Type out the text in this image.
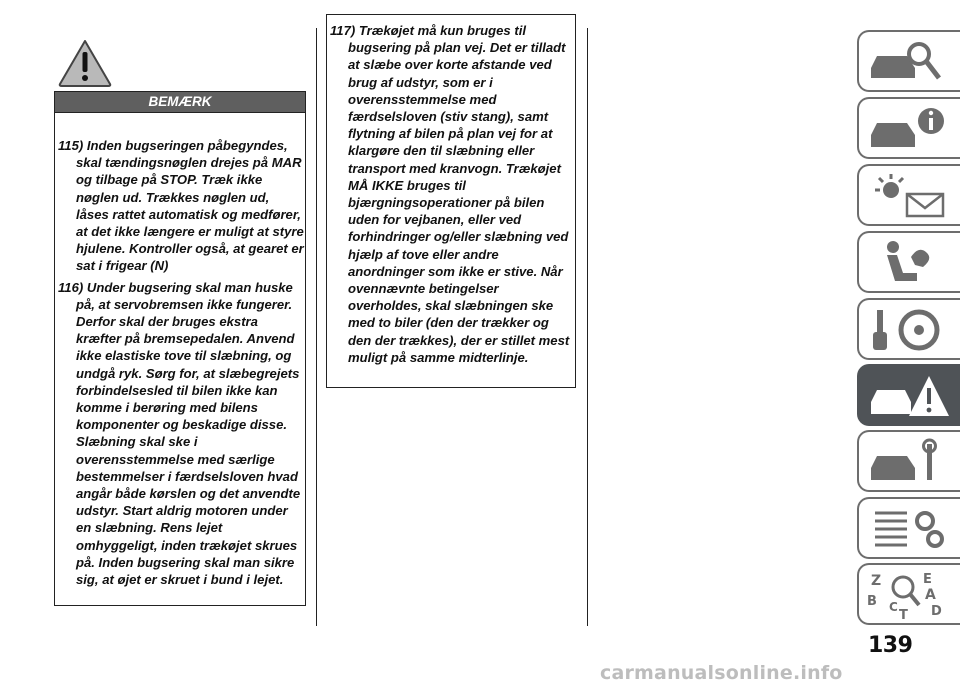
BEMÆRK

115) Inden bugseringen påbegyndes, skal tændingsnøglen drejes på MAR og tilbage på STOP. Træk ikke nøglen ud. Trækkes nøglen ud, låses rattet automatisk og medfører, at det ikke længere er muligt at styre hjulene. Kontroller også, at gearet er sat i frigear (N)

116) Under bugsering skal man huske på, at servobremsen ikke fungerer. Derfor skal der bruges ekstra kræfter på bremsepedalen. Anvend ikke elastiske tove til slæbning, og undgå ryk. Sørg for, at slæbegrejets forbindelsesled til bilen ikke kan komme i berøring med bilens komponenter og beskadige disse. Slæbning skal ske i overensstemmelse med særlige bestemmelser i færdselsloven hvad angår både kørslen og det anvendte udstyr. Start aldrig motoren under en slæbning. Rens lejet omhyggeligt, inden trækøjet skrues på. Inden bugsering skal man sikre sig, at øjet er skruet i bund i lejet.

117) Trækøjet må kun bruges til bugsering på plan vej. Det er tilladt at slæbe over korte afstande ved brug af udstyr, som er i overensstemmelse med færdselsloven (stiv stang), samt flytning af bilen på plan vej for at klargøre den til slæbning eller transport med kranvogn. Trækøjet MÅ IKKE bruges til bjærgningsoperationer på bilen uden for vejbanen, eller ved forhindringer og/eller slæbning ved hjælp af tove eller andre anordninger som ikke er stive. Når ovennævnte betingelser overholdes, skal slæbningen ske med to biler (den der trækker og den der trækkes), der er stillet mest muligt på samme midterlinje.

Z	E
A
B C	D
T
139
carmanualsonline.info
